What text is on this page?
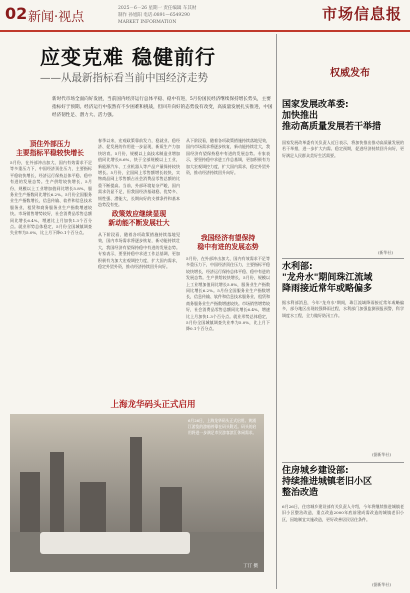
02 新闻·视点
2025－6－26 星期一 责任编辑 车其财
制作 孙旭阳 电话:0891—6549290
MARKET INFORMATION	市场信息报
应变克难 稳健前行
——从最新指标看当前中国经济走势
新时代市场全面向好发展，当前国内经济运行总体平稳、稳中有进，5月份国民经济继续保持增长势头，主要指标好于预期。经济运行中依然有不少困难和挑战，但回升向好的态势没有改变，高质量发展扎实推进，中国经济韧性足、潜力大、活力强。
顶住外部压力
主要指标平稳较快增长
5月份，在外部冲击加大、国内有效需求不足等多重压力下，中国经济顶住压力，主要指标平稳较快增长，经济运行保持总体平稳、稳中有进的发展态势。生产供给较快增长，5月份，规模以上工业增加值同比增长5.8%，服务业生产指数同比增长6.2%。5月份全国服务业生产指数增长，信息传输、软件和信息技术服务业，租赁和商务服务业生产指数增速较快。市场销售增势较好，社会消费品零售总额同比增长6.4%，增速比上月加快1.3个百分点。就业形势总体稳定，5月份全国城镇调查失业率为5.0%，比上月下降0.1个百分点。
春季以来，宏观政策靠前发力，稳就业、稳经济、促发展的作用进一步显现，新质生产力加快培育。5月份，规模以上高技术制造业增加值同比增长8.6%，快于全部规模以上工业，新能源汽车、工业机器人等产品产量保持较快增长。5月份，全国网上零售额增长较快，实物商品网上零售额占社会消费品零售总额的比重不断提高。当前，外部环境复杂严峻，国内需求仍显不足，但我国经济基础稳、优势多、韧性强、潜能大，长期向好的支撑条件和基本趋势没有变。
政策效应继续显现
新动能不断发展壮大
从下阶段看，随着各项政策措施持续落地见效，国内市场需求将逐步恢复，新动能持续壮大，我国经济有望保持稳中有进的发展态势。专家表示，要坚持稳中求进工作总基调，更加积极有为加大宏观调控力度，扩大国内需求，稳定外贸外资，推动经济持续回升向好。
从下阶段看，随着各项政策措施持续落地见效，国内市场需求将逐步恢复，新动能持续壮大，我国经济有望保持稳中有进的发展态势。专家表示，要坚持稳中求进工作总基调，更加积极有为加大宏观调控力度，扩大国内需求，稳定外贸外资，推动经济持续回升向好。
我国经济有望保持
稳中有进的发展态势
5月份，在外部冲击加大、国内有效需求不足等多重压力下，中国经济顶住压力，主要指标平稳较快增长，经济运行保持总体平稳、稳中有进的发展态势。生产供给较快增长，5月份，规模以上工业增加值同比增长5.8%，服务业生产指数同比增长6.2%。5月份全国服务业生产指数增长，信息传输、软件和信息技术服务业，租赁和商务服务业生产指数增速较快。市场销售增势较好，社会消费品零售总额同比增长6.4%，增速比上月加快1.3个百分点。就业形势总体稳定，5月份全国城镇调查失业率为5.0%，比上月下降0.1个百分点。
上海龙华码头正式启用
6月26日，上海龙华码头正式启用。黄浦江游览的游船停靠在码头附近。码头的启用将进一步满足市民游客滨江休闲需求。
丁汀 摄
权威发布
国家发展改革委:
加快推出
推动高质量发展若干举措
国家发展改革委有关负责人近日表示，将加快推出推动高质量发展的若干举措，进一步扩大内需、稳定预期，促进经济持续回升向好，更好满足人民群众美好生活需要。
(新华社)
水利部:
"龙舟水"期间珠江流域
降雨接近常年或略偏多
据水利部消息，今年"龙舟水"期间，珠江流域降雨接近常年或略偏多，部分地区出现较强降雨过程，水利部门加强监测预报预警，科学调度水工程，全力做好防汛工作。
(据新华社)
住房城乡建设部:
持续推进城镇老旧小区
整治改造
6月26日，住房城乡建设部有关负责人介绍，今年将继续推进城镇老旧小区整治改造，重点改造2000年底前建成需改造的城镇老旧小区，因地制宜实施改造，更好改善居民居住条件。
(据新华社)
